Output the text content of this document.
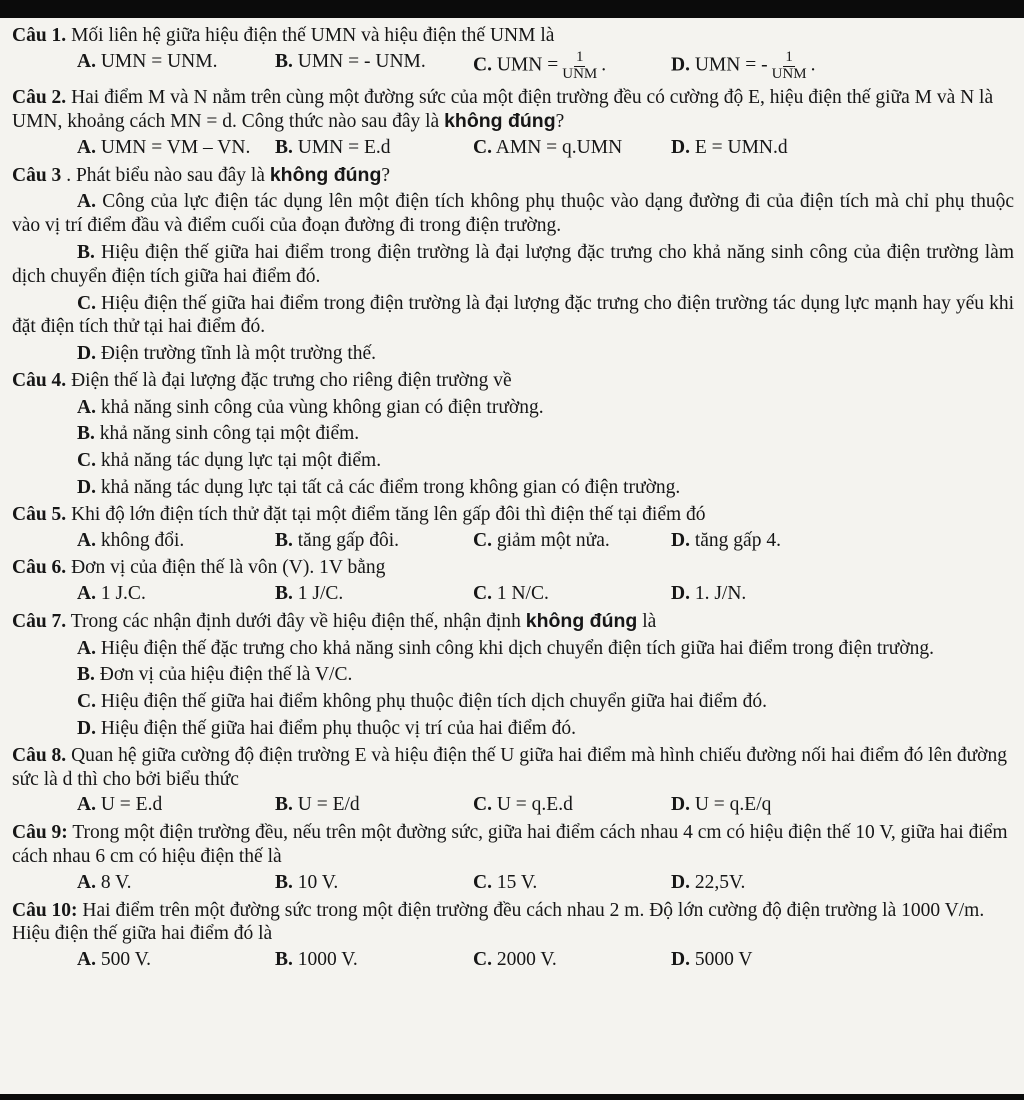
Câu 1. Mối liên hệ giữa hiệu điện thế UMN và hiệu điện thế UNM là

A. UMN = UNM.	B. UMN = - UNM.	C. UMN = $\frac{1}{\text{UNM}}$ .	D. UMN = - $\frac{1}{\text{UNM}}$ .

Câu 2. Hai điểm M và N nằm trên cùng một đường sức của một điện trường đều có cường độ E, hiệu điện thế giữa M và N là UMN, khoảng cách MN = d. Công thức nào sau đây là không đúng?

A. UMN = VM – VN.	B. UMN = E.d	C. AMN = q.UMN	D. E = UMN.d

Câu 3 . Phát biểu nào sau đây là không đúng?

A. Công của lực điện tác dụng lên một điện tích không phụ thuộc vào dạng đường đi của điện tích mà chỉ phụ thuộc vào vị trí điểm đầu và điểm cuối của đoạn đường đi trong điện trường.

B. Hiệu điện thế giữa hai điểm trong điện trường là đại lượng đặc trưng cho khả năng sinh công của điện trường làm dịch chuyển điện tích giữa hai điểm đó.

C. Hiệu điện thế giữa hai điểm trong điện trường là đại lượng đặc trưng cho điện trường tác dụng lực mạnh hay yếu khi đặt điện tích thử tại hai điểm đó.

D. Điện trường tĩnh là một trường thế.

Câu 4. Điện thế là đại lượng đặc trưng cho riêng điện trường về

A. khả năng sinh công của vùng không gian có điện trường.

B. khả năng sinh công tại một điểm.

C. khả năng tác dụng lực tại một điểm.

D. khả năng tác dụng lực tại tất cả các điểm trong không gian có điện trường.

Câu 5. Khi độ lớn điện tích thử đặt tại một điểm tăng lên gấp đôi thì điện thế tại điểm đó

A. không đổi.	B. tăng gấp đôi.	C. giảm một nửa.	D. tăng gấp 4.

Câu 6. Đơn vị của điện thế là vôn (V). 1V bằng

A. 1 J.C.	B. 1 J/C.	C. 1 N/C.	D. 1. J/N.

Câu 7. Trong các nhận định dưới đây về hiệu điện thế, nhận định không đúng là

A. Hiệu điện thế đặc trưng cho khả năng sinh công khi dịch chuyển điện tích giữa hai điểm trong điện trường.

B. Đơn vị của hiệu điện thế là V/C.

C. Hiệu điện thế giữa hai điểm không phụ thuộc điện tích dịch chuyển giữa hai điểm đó.

D. Hiệu điện thế giữa hai điểm phụ thuộc vị trí của hai điểm đó.

Câu 8. Quan hệ giữa cường độ điện trường E và hiệu điện thế U giữa hai điểm mà hình chiếu đường nối hai điểm đó lên đường sức là d thì cho bởi biểu thức

A. U = E.d	B. U = E/d	C. U = q.E.d	D. U = q.E/q

Câu 9: Trong một điện trường đều, nếu trên một đường sức, giữa hai điểm cách nhau 4 cm có hiệu điện thế 10 V, giữa hai điểm cách nhau 6 cm có hiệu điện thế là

A. 8 V.	B. 10 V.	C. 15 V.	D. 22,5V.

Câu 10: Hai điểm trên một đường sức trong một điện trường đều cách nhau 2 m. Độ lớn cường độ điện trường là 1000 V/m. Hiệu điện thế giữa hai điểm đó là

A. 500 V.	B. 1000 V.	C. 2000 V.	D. 5000 V
